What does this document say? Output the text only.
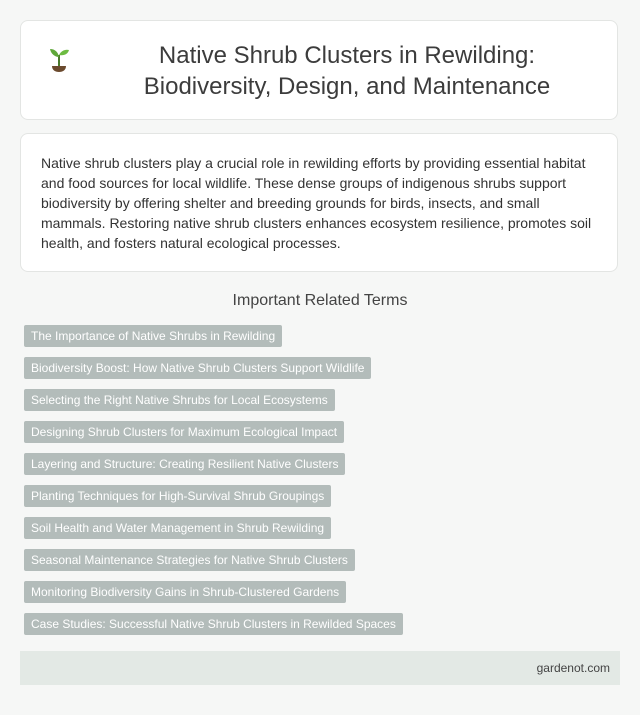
Native Shrub Clusters in Rewilding: Biodiversity, Design, and Maintenance

Native shrub clusters play a crucial role in rewilding efforts by providing essential habitat and food sources for local wildlife. These dense groups of indigenous shrubs support biodiversity by offering shelter and breeding grounds for birds, insects, and small mammals. Restoring native shrub clusters enhances ecosystem resilience, promotes soil health, and fosters natural ecological processes.

Important Related Terms
The Importance of Native Shrubs in Rewilding
Biodiversity Boost: How Native Shrub Clusters Support Wildlife
Selecting the Right Native Shrubs for Local Ecosystems
Designing Shrub Clusters for Maximum Ecological Impact
Layering and Structure: Creating Resilient Native Clusters
Planting Techniques for High-Survival Shrub Groupings
Soil Health and Water Management in Shrub Rewilding
Seasonal Maintenance Strategies for Native Shrub Clusters
Monitoring Biodiversity Gains in Shrub-Clustered Gardens
Case Studies: Successful Native Shrub Clusters in Rewilded Spaces
gardenot.com
